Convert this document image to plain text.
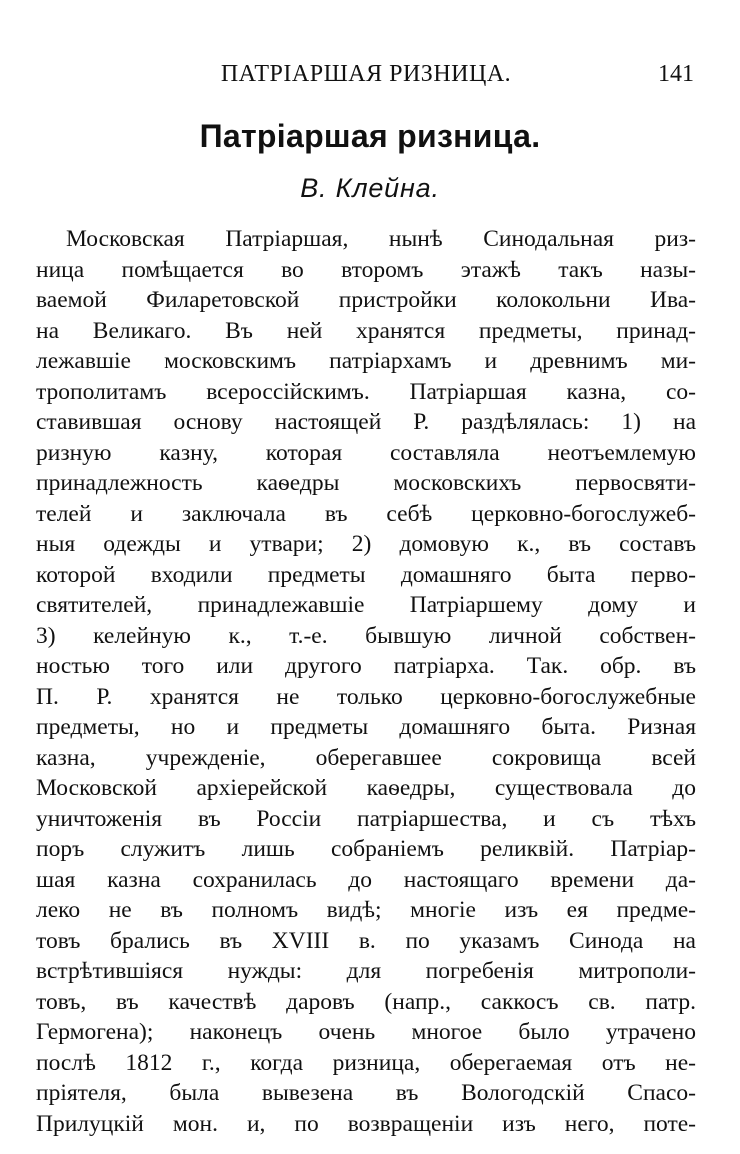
ПАТРІАРШАЯ РИЗНИЦА.	141
Патріаршая ризница.
В. Клейна.
Московская Патріаршая, нынѣ Синодальная риз-
ница помѣщается во второмъ этажѣ такъ назы-
ваемой Филаретовской пристройки колокольни Ива-
на Великаго. Въ ней хранятся предметы, принад-
лежавшіе московскимъ патріархамъ и древнимъ ми-
трополитамъ всероссійскимъ. Патріаршая казна, со-
ставившая основу настоящей Р. раздѣлялась: 1) на
ризную казну, которая составляла неотъемлемую
принадлежность каѳедры московскихъ первосвяти-
телей и заключала въ себѣ церковно-богослужеб-
ныя одежды и утвари; 2) домовую к., въ составъ
которой входили предметы домашняго быта перво-
святителей, принадлежавшіе Патріаршему дому и
3) келейную к., т.-е. бывшую личной собствен-
ностью того или другого патріарха. Так. обр. въ
П. Р. хранятся не только церковно-богослужебные
предметы, но и предметы домашняго быта. Ризная
казна, учрежденіе, оберегавшее сокровища всей
Московской архіерейской каѳедры, существовала до
уничтоженія въ Россіи патріаршества, и съ тѣхъ
поръ служитъ лишь собраніемъ реликвій. Патріар-
шая казна сохранилась до настоящаго времени да-
леко не въ полномъ видѣ; многіе изъ ея предме-
товъ брались въ XVIII в. по указамъ Синода на
встрѣтившіяся нужды: для погребенія митрополи-
товъ, въ качествѣ даровъ (напр., саккосъ св. патр.
Гермогена); наконецъ очень многое было утрачено
послѣ 1812 г., когда ризница, оберегаемая отъ не-
пріятеля, была вывезена въ Вологодскій Спасо-
Прилуцкій мон. и, по возвращеніи изъ него, поте-
